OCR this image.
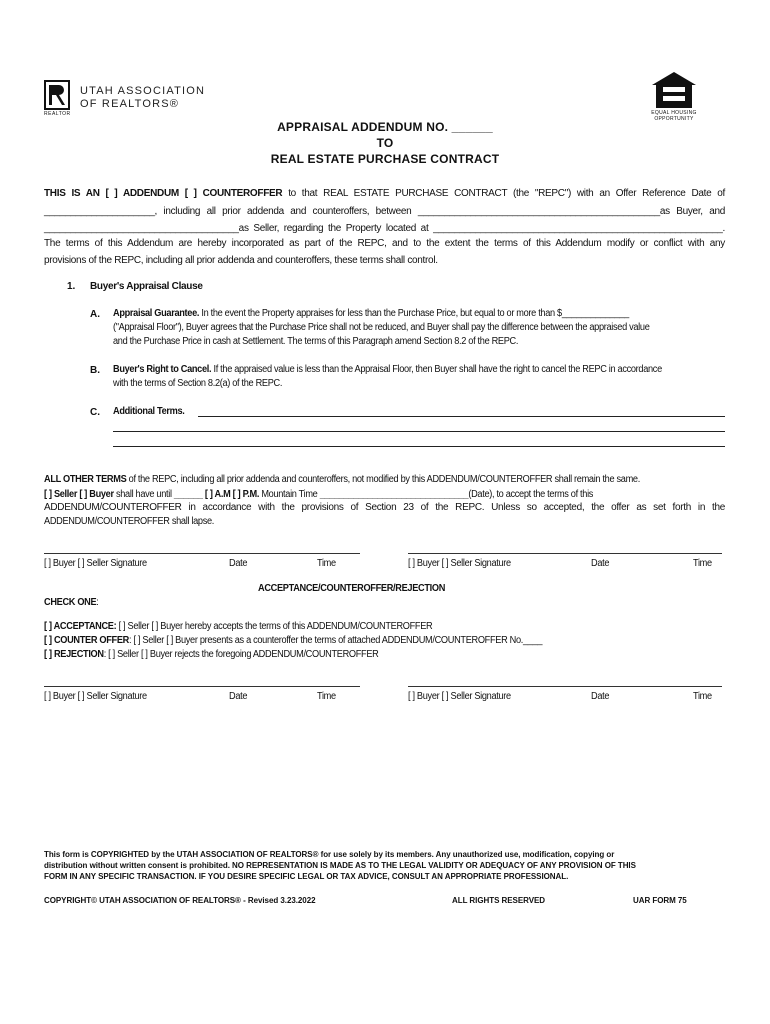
REALTOR
UTAH ASSOCIATION
OF REALTORS®
EQUAL HOUSING OPPORTUNITY
APPRAISAL ADDENDUM NO. ______
TO
REAL ESTATE PURCHASE CONTRACT
THIS IS AN [ ] ADDENDUM [ ] COUNTEROFFER to that REAL ESTATE PURCHASE CONTRACT (the "REPC") with an Offer Reference Date of
_____________________, including all prior addenda and counteroffers, between ______________________________________________as Buyer, and
_____________________________________as Seller, regarding the Property located at _______________________________________________________.
The terms of this Addendum are hereby incorporated as part of the REPC, and to the extent the terms of this Addendum modify or conflict with any
provisions of the REPC, including all prior addenda and counteroffers, these terms shall control.
1. Buyer's Appraisal Clause
A. Appraisal Guarantee. In the event the Property appraises for less than the Purchase Price, but equal to or more than $______________
("Appraisal Floor"), Buyer agrees that the Purchase Price shall not be reduced, and Buyer shall pay the difference between the appraised value
and the Purchase Price in cash at Settlement. The terms of this Paragraph amend Section 8.2 of the REPC.
B. Buyer's Right to Cancel. If the appraised value is less than the Appraisal Floor, then Buyer shall have the right to cancel the REPC in accordance
with the terms of Section 8.2(a) of the REPC.
C. Additional Terms.
ALL OTHER TERMS of the REPC, including all prior addenda and counteroffers, not modified by this ADDENDUM/COUNTEROFFER shall remain the same.
[ ] Seller [ ] Buyer shall have until ______ [ ] A.M [ ] P.M. Mountain Time _______________________________(Date), to accept the terms of this
ADDENDUM/COUNTEROFFER in accordance with the provisions of Section 23 of the REPC. Unless so accepted, the offer as set forth in the
ADDENDUM/COUNTEROFFER shall lapse.
[ ] Buyer [ ] Seller Signature	Date	Time	[ ] Buyer [ ] Seller Signature	Date	Time
ACCEPTANCE/COUNTEROFFER/REJECTION
CHECK ONE:
[ ] ACCEPTANCE: [ ] Seller [ ] Buyer hereby accepts the terms of this ADDENDUM/COUNTEROFFER
[ ] COUNTER OFFER: [ ] Seller [ ] Buyer presents as a counteroffer the terms of attached ADDENDUM/COUNTEROFFER No.____
[ ] REJECTION: [ ] Seller [ ] Buyer rejects the foregoing ADDENDUM/COUNTEROFFER
[ ] Buyer [ ] Seller Signature	Date	Time	[ ] Buyer [ ] Seller Signature	Date	Time
This form is COPYRIGHTED by the UTAH ASSOCIATION OF REALTORS® for use solely by its members. Any unauthorized use, modification, copying or
distribution without written consent is prohibited. NO REPRESENTATION IS MADE AS TO THE LEGAL VALIDITY OR ADEQUACY OF ANY PROVISION OF THIS
FORM IN ANY SPECIFIC TRANSACTION. IF YOU DESIRE SPECIFIC LEGAL OR TAX ADVICE, CONSULT AN APPROPRIATE PROFESSIONAL.
COPYRIGHT© UTAH ASSOCIATION OF REALTORS® - Revised 3.23.2022	ALL RIGHTS RESERVED	UAR FORM 75
